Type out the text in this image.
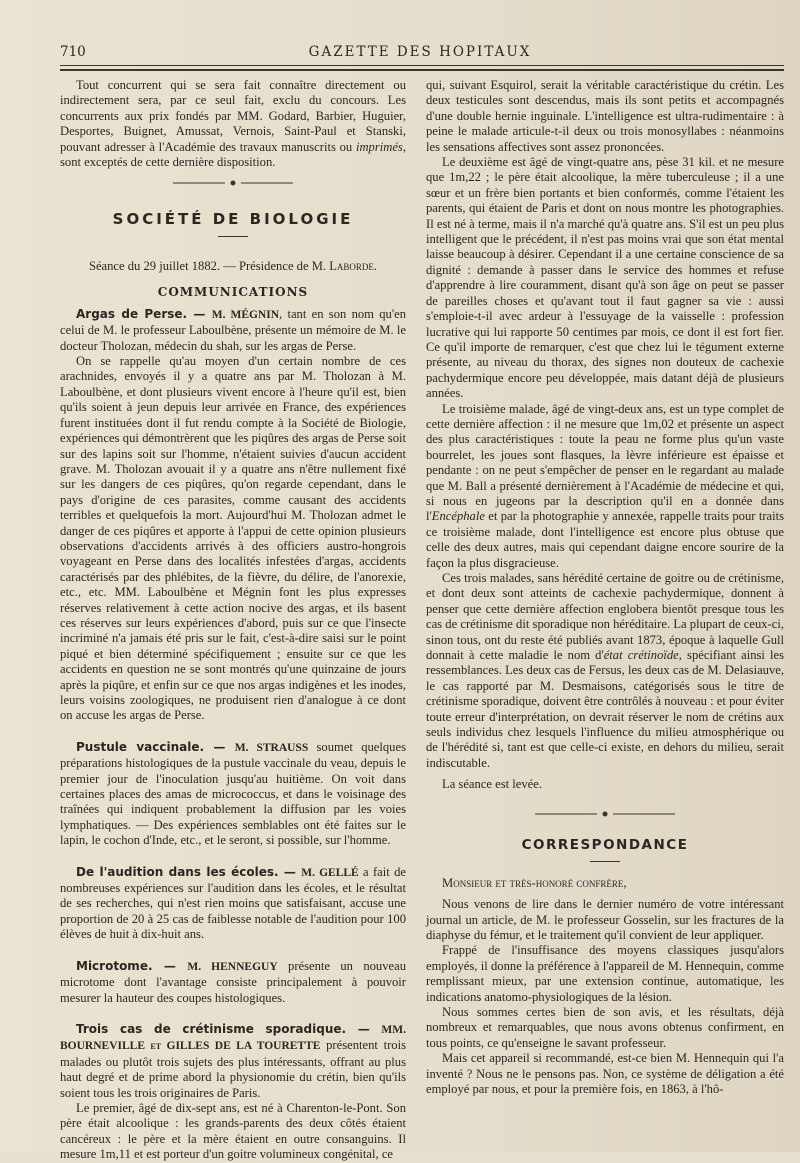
710	GAZETTE DES HOPITAUX

Tout concurrent qui se sera fait connaître directement ou indirectement sera, par ce seul fait, exclu du concours. Les concurrents aux prix fondés par MM. Godard, Barbier, Huguier, Desportes, Buignet, Amussat, Vernois, Saint-Paul et Stanski, pouvant adresser à l'Académie des travaux manuscrits ou imprimés, sont exceptés de cette dernière disposition.

SOCIÉTÉ DE BIOLOGIE

Séance du 29 juillet 1882. — Présidence de M. Laborde.

COMMUNICATIONS

Argas de Perse. — M. MÉGNIN, tant en son nom qu'en celui de M. le professeur Laboulbène, présente un mémoire de M. le docteur Tholozan, médecin du shah, sur les argas de Perse.

On se rappelle qu'au moyen d'un certain nombre de ces arachnides, envoyés il y a quatre ans par M. Tholozan à M. Laboulbène, et dont plusieurs vivent encore à l'heure qu'il est, bien qu'ils soient à jeun depuis leur arrivée en France, des expériences furent instituées dont il fut rendu compte à la Société de Biologie, expériences qui démontrèrent que les piqûres des argas de Perse soit sur des lapins soit sur l'homme, n'étaient suivies d'aucun accident grave. M. Tholozan avouait il y a quatre ans n'être nullement fixé sur les dangers de ces piqûres, qu'on regarde cependant, dans le pays d'origine de ces parasites, comme causant des accidents terribles et quelquefois la mort. Aujourd'hui M. Tholozan admet le danger de ces piqûres et apporte à l'appui de cette opinion plusieurs observations d'accidents arrivés à des officiers austro-hongrois voyageant en Perse dans des localités infestées d'argas, accidents caractérisés par des phlébites, de la fièvre, du délire, de l'anorexie, etc., etc. MM. Laboulbène et Mégnin font les plus expresses réserves relativement à cette action nocive des argas, et ils basent ces réserves sur leurs expériences d'abord, puis sur ce que l'insecte incriminé n'a jamais été pris sur le fait, c'est-à-dire saisi sur le point piqué et bien déterminé spécifiquement ; ensuite sur ce que les accidents en question ne se sont montrés qu'une quinzaine de jours après la piqûre, et enfin sur ce que nos argas indigènes et les inodes, leurs voisins zoologiques, ne produisent rien d'analogue à ce dont on accuse les argas de Perse.

Pustule vaccinale. — M. STRAUSS soumet quelques préparations histologiques de la pustule vaccinale du veau, depuis le premier jour de l'inoculation jusqu'au huitième. On voit dans certaines places des amas de micrococcus, et dans le voisinage des traînées qui indiquent probablement la diffusion par les voies lymphatiques. — Des expériences semblables ont été faites sur le lapin, le cochon d'Inde, etc., et le seront, si possible, sur l'homme.

De l'audition dans les écoles. — M. GELLÉ a fait de nombreuses expériences sur l'audition dans les écoles, et le résultat de ses recherches, qui n'est rien moins que satisfaisant, accuse une proportion de 20 à 25 cas de faiblesse notable de l'audition pour 100 élèves de huit à dix-huit ans.

Microtome. — M. HENNEGUY présente un nouveau microtome dont l'avantage consiste principalement à pouvoir mesurer la hauteur des coupes histologiques.

Trois cas de crétinisme sporadique. — MM. BOURNEVILLE et GILLES DE LA TOURETTE présentent trois malades ou plutôt trois sujets des plus intéressants, offrant au plus haut degré et de prime abord la physionomie du crétin, bien qu'ils soient tous les trois originaires de Paris.

Le premier, âgé de dix-sept ans, est né à Charenton-le-Pont. Son père était alcoolique : les grands-parents des deux côtés étaient cancéreux : le père et la mère étaient en outre consanguins. Il mesure 1m,11 et est porteur d'un goitre volumineux congénital, ce

qui, suivant Esquirol, serait la véritable caractéristique du crétin. Les deux testicules sont descendus, mais ils sont petits et accompagnés d'une double hernie inguinale. L'intelligence est ultra-rudimentaire : à peine le malade articule-t-il deux ou trois monosyllabes : néanmoins les sensations affectives sont assez prononcées.

Le deuxième est âgé de vingt-quatre ans, pèse 31 kil. et ne mesure que 1m,22 ; le père était alcoolique, la mère tuberculeuse ; il a une sœur et un frère bien portants et bien conformés, comme l'étaient les parents, qui étaient de Paris et dont on nous montre les photographies. Il est né à terme, mais il n'a marché qu'à quatre ans. S'il est un peu plus intelligent que le précédent, il n'est pas moins vrai que son état mental laisse beaucoup à désirer. Cependant il a une certaine conscience de sa dignité : demande à passer dans le service des hommes et refuse d'apprendre à lire couramment, disant qu'à son âge on peut se passer de pareilles choses et qu'avant tout il faut gagner sa vie : aussi s'emploie-t-il avec ardeur à l'essuyage de la vaisselle : profession lucrative qui lui rapporte 50 centimes par mois, ce dont il est fort fier. Ce qu'il importe de remarquer, c'est que chez lui le tégument externe présente, au niveau du thorax, des signes non douteux de cachexie pachydermique encore peu développée, mais datant déjà de plusieurs années.

Le troisième malade, âgé de vingt-deux ans, est un type complet de cette dernière affection : il ne mesure que 1m,02 et présente un aspect des plus caractéristiques : toute la peau ne forme plus qu'un vaste bourrelet, les joues sont flasques, la lèvre inférieure est épaisse et pendante : on ne peut s'empêcher de penser en le regardant au malade que M. Ball a présenté dernièrement à l'Académie de médecine et qui, si nous en jugeons par la description qu'il en a donnée dans l'Encéphale et par la photographie y annexée, rappelle traits pour traits ce troisième malade, dont l'intelligence est encore plus obtuse que celle des deux autres, mais qui cependant daigne encore sourire de la façon la plus disgracieuse.

Ces trois malades, sans hérédité certaine de goitre ou de crétinisme, et dont deux sont atteints de cachexie pachydermique, donnent à penser que cette dernière affection englobera bientôt presque tous les cas de crétinisme dit sporadique non héréditaire. La plupart de ceux-ci, sinon tous, ont du reste été publiés avant 1873, époque à laquelle Gull donnait à cette maladie le nom d'état crétinoïde, spécifiant ainsi les ressemblances. Les deux cas de Fersus, les deux cas de M. Delasiauve, le cas rapporté par M. Desmaisons, catégorisés sous le titre de crétinisme sporadique, doivent être contrôlés à nouveau : et pour éviter toute erreur d'interprétation, on devrait réserver le nom de crétins aux seuls individus chez lesquels l'influence du milieu atmosphérique ou de l'hérédité si, tant est que celle-ci existe, en dehors du milieu, serait indiscutable.

La séance est levée.

CORRESPONDANCE

Monsieur et très-honoré confrère,

Nous venons de lire dans le dernier numéro de votre intéressant journal un article, de M. le professeur Gosselin, sur les fractures de la diaphyse du fémur, et le traitement qu'il convient de leur appliquer.

Frappé de l'insuffisance des moyens classiques jusqu'alors employés, il donne la préférence à l'appareil de M. Hennequin, comme remplissant mieux, par une extension continue, automatique, les indications anatomo-physiologiques de la lésion.

Nous sommes certes bien de son avis, et les résultats, déjà nombreux et remarquables, que nous avons obtenus confirment, en tous points, ce qu'enseigne le savant professeur.

Mais cet appareil si recommandé, est-ce bien M. Hennequin qui l'a inventé ? Nous ne le pensons pas. Non, ce système de déligation a été employé par nous, et pour la première fois, en 1863, à l'hô-
